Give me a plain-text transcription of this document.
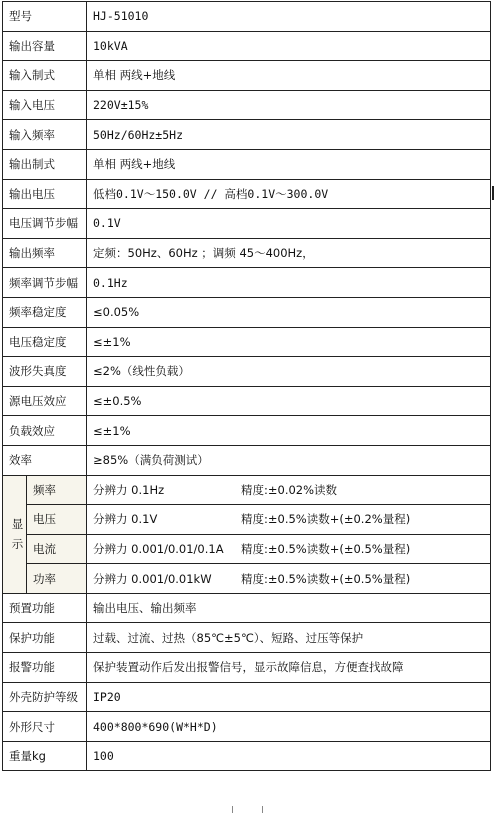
型号		HJ-51010
输出容量		10kVA
输入制式		单相 两线+地线
输入电压		220V±15%
输入频率		50Hz/60Hz±5Hz
输出制式		单相 两线+地线
输出电压		低档0.1V～150.0V // 高档0.1V～300.0V
电压调节步幅		0.1V
输出频率		定频：50Hz、60Hz ；调频 45～400Hz，
频率调节步幅		0.1Hz
频率稳定度		≤0.05%
电压稳定度		≤±1%
波形失真度		≤2%（线性负载）
源电压效应		≤±0.5%
负载效应		≤±1%
效率		≥85%（满负荷测试）
显
示	频率	分辨力 0.1Hz 精度:±0.02%读数

	电压	分辨力 0.1V 精度:±0.5%读数+(±0.2%量程)

	电流	分辨力 0.001/0.01/0.1A 精度:±0.5%读数+(±0.5%量程)

	功率	分辨力 0.001/0.01kW 精度:±0.5%读数+(±0.5%量程)

预置功能		输出电压、输出频率
保护功能		过载、过流、过热（85℃±5℃）、短路、过压等保护
报警功能		保护装置动作后发出报警信号，显示故障信息，方便查找故障
外壳防护等级		IP20
外形尺寸		400*800*690(W*H*D)
重量kg		100
